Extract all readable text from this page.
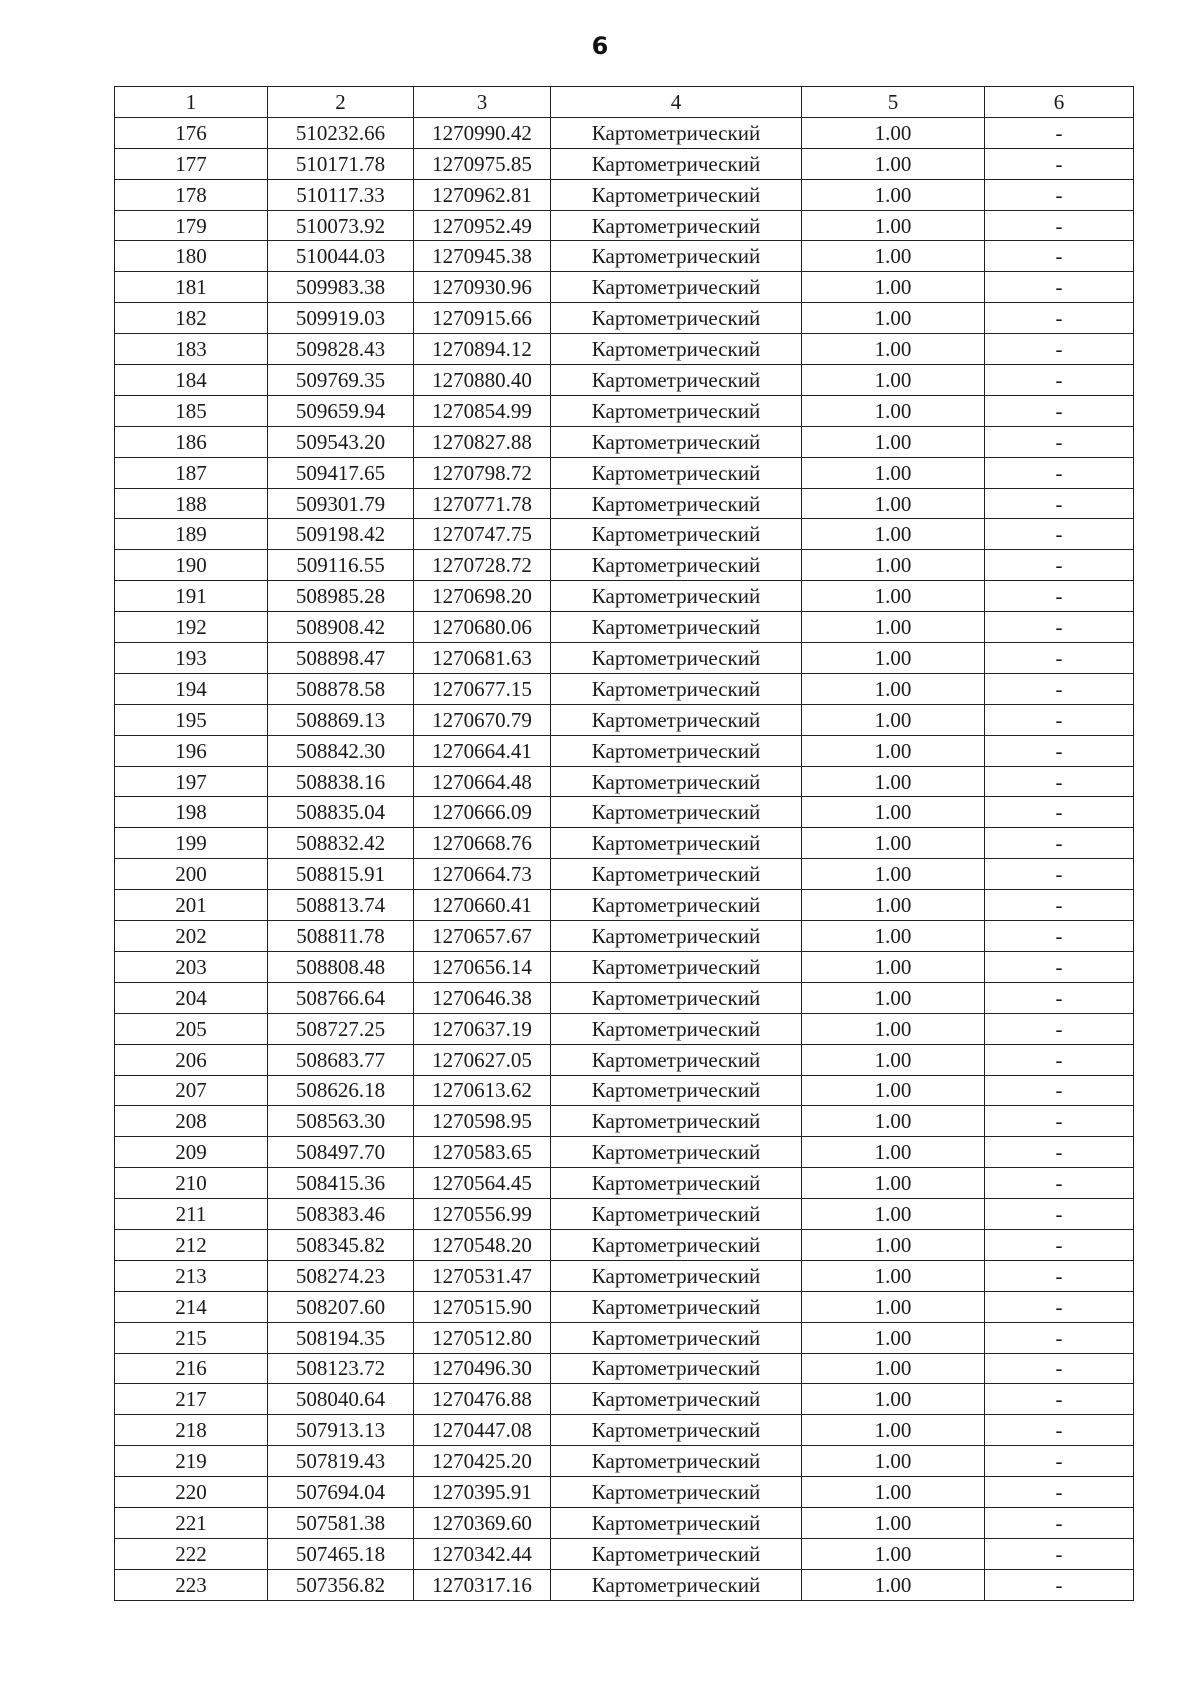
6
1	2	3	4	5	6
176	510232.66	1270990.42	Картометрический	1.00	-
177	510171.78	1270975.85	Картометрический	1.00	-
178	510117.33	1270962.81	Картометрический	1.00	-
179	510073.92	1270952.49	Картометрический	1.00	-
180	510044.03	1270945.38	Картометрический	1.00	-
181	509983.38	1270930.96	Картометрический	1.00	-
182	509919.03	1270915.66	Картометрический	1.00	-
183	509828.43	1270894.12	Картометрический	1.00	-
184	509769.35	1270880.40	Картометрический	1.00	-
185	509659.94	1270854.99	Картометрический	1.00	-
186	509543.20	1270827.88	Картометрический	1.00	-
187	509417.65	1270798.72	Картометрический	1.00	-
188	509301.79	1270771.78	Картометрический	1.00	-
189	509198.42	1270747.75	Картометрический	1.00	-
190	509116.55	1270728.72	Картометрический	1.00	-
191	508985.28	1270698.20	Картометрический	1.00	-
192	508908.42	1270680.06	Картометрический	1.00	-
193	508898.47	1270681.63	Картометрический	1.00	-
194	508878.58	1270677.15	Картометрический	1.00	-
195	508869.13	1270670.79	Картометрический	1.00	-
196	508842.30	1270664.41	Картометрический	1.00	-
197	508838.16	1270664.48	Картометрический	1.00	-
198	508835.04	1270666.09	Картометрический	1.00	-
199	508832.42	1270668.76	Картометрический	1.00	-
200	508815.91	1270664.73	Картометрический	1.00	-
201	508813.74	1270660.41	Картометрический	1.00	-
202	508811.78	1270657.67	Картометрический	1.00	-
203	508808.48	1270656.14	Картометрический	1.00	-
204	508766.64	1270646.38	Картометрический	1.00	-
205	508727.25	1270637.19	Картометрический	1.00	-
206	508683.77	1270627.05	Картометрический	1.00	-
207	508626.18	1270613.62	Картометрический	1.00	-
208	508563.30	1270598.95	Картометрический	1.00	-
209	508497.70	1270583.65	Картометрический	1.00	-
210	508415.36	1270564.45	Картометрический	1.00	-
211	508383.46	1270556.99	Картометрический	1.00	-
212	508345.82	1270548.20	Картометрический	1.00	-
213	508274.23	1270531.47	Картометрический	1.00	-
214	508207.60	1270515.90	Картометрический	1.00	-
215	508194.35	1270512.80	Картометрический	1.00	-
216	508123.72	1270496.30	Картометрический	1.00	-
217	508040.64	1270476.88	Картометрический	1.00	-
218	507913.13	1270447.08	Картометрический	1.00	-
219	507819.43	1270425.20	Картометрический	1.00	-
220	507694.04	1270395.91	Картометрический	1.00	-
221	507581.38	1270369.60	Картометрический	1.00	-
222	507465.18	1270342.44	Картометрический	1.00	-
223	507356.82	1270317.16	Картометрический	1.00	-
